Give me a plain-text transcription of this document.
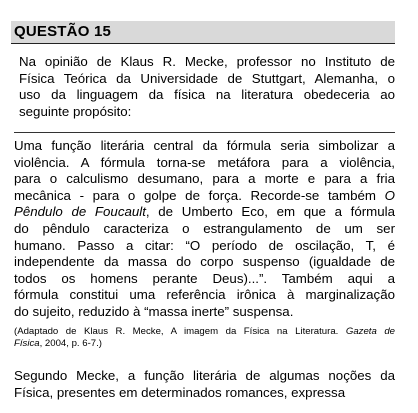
QUESTÃO 15
Na opinião de Klaus R. Mecke, professor no Instituto de
Física Teórica da Universidade de Stuttgart, Alemanha, o
uso da linguagem da física na literatura obedeceria ao
seguinte propósito:
Uma função literária central da fórmula seria simbolizar a
violência. A fórmula torna-se metáfora para a violência,
para o calculismo desumano, para a morte e para a fria
mecânica - para o golpe de força. Recorde-se também O
Pêndulo de Foucault, de Umberto Eco, em que a fórmula
do pêndulo caracteriza o estrangulamento de um ser
humano. Passo a citar: “O período de oscilação, T, é
independente da massa do corpo suspenso (igualdade de
todos os homens perante Deus)...”. Também aqui a
fórmula constitui uma referência irônica à marginalização
do sujeito, reduzido à “massa inerte” suspensa.
(Adaptado de Klaus R. Mecke, A imagem da Física na Literatura. Gazeta de
Física, 2004, p. 6-7.)
Segundo Mecke, a função literária de algumas noções da
Física, presentes em determinados romances, expressa
